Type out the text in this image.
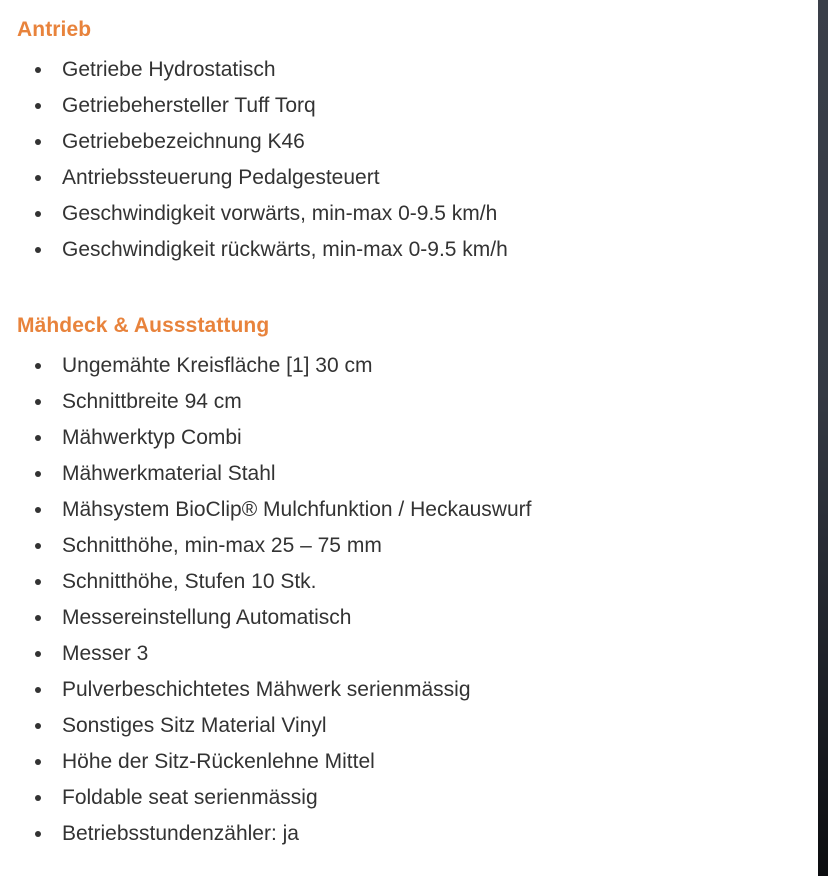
Antrieb
Getriebe Hydrostatisch
Getriebehersteller Tuff Torq
Getriebebezeichnung K46
Antriebssteuerung Pedalgesteuert
Geschwindigkeit vorwärts, min-max 0-9.5 km/h
Geschwindigkeit rückwärts, min-max 0-9.5 km/h
Mähdeck & Aussstattung
Ungemähte Kreisfläche [1] 30 cm
Schnittbreite 94 cm
Mähwerktyp Combi
Mähwerkmaterial Stahl
Mähsystem BioClip® Mulchfunktion / Heckauswurf
Schnitthöhe, min-max 25 – 75 mm
Schnitthöhe, Stufen 10 Stk.
Messereinstellung Automatisch
Messer 3
Pulverbeschichtetes Mähwerk serienmässig
Sonstiges Sitz Material Vinyl
Höhe der Sitz-Rückenlehne Mittel
Foldable seat serienmässig
Betriebsstundenzähler: ja
